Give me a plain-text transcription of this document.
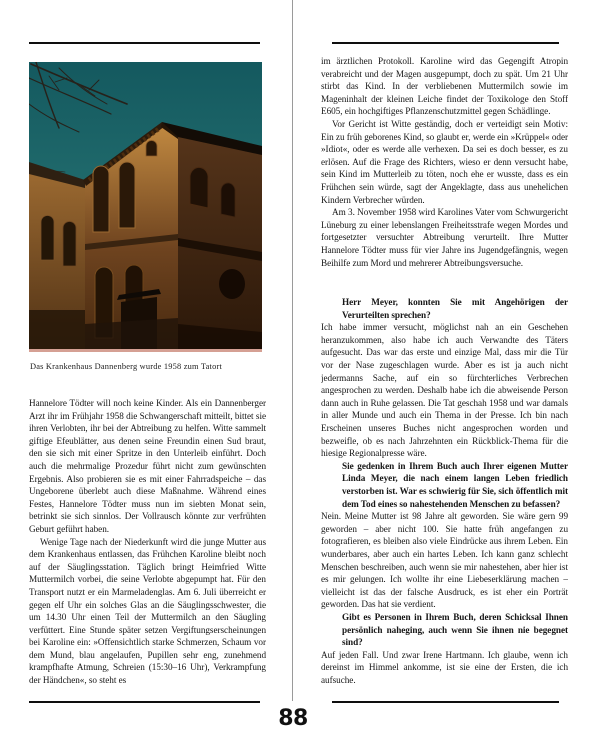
Das Krankenhaus Dannenberg wurde 1958 zum Tatort

Hannelore Tödter will noch keine Kinder. Als ein Dannenberger Arzt ihr im Frühjahr 1958 die Schwangerschaft mitteilt, bittet sie ihren Verlobten, ihr bei der Abtreibung zu helfen. Witte sammelt giftige Efeublätter, aus denen seine Freundin einen Sud braut, den sie sich mit einer Spritze in den Unterleib einführt. Doch auch die mehrmalige Prozedur führt nicht zum gewünschten Ergebnis. Also probieren sie es mit einer Fahrradspeiche – das Ungeborene überlebt auch diese Maßnahme. Während eines Festes, Hannelore Tödter muss nun im siebten Monat sein, betrinkt sie sich sinnlos. Der Vollrausch könnte zur verfrühten Geburt geführt haben.

Wenige Tage nach der Niederkunft wird die junge Mutter aus dem Krankenhaus entlassen, das Frühchen Karoline bleibt noch auf der Säuglingsstation. Täglich bringt Heimfried Witte Muttermilch vorbei, die seine Verlobte abgepumpt hat. Für den Transport nutzt er ein Marmeladenglas. Am 6. Juli überreicht er gegen elf Uhr ein solches Glas an die Säuglingsschwester, die um 14.30 Uhr einen Teil der Muttermilch an den Säugling verfüttert. Eine Stunde später setzen Vergiftungserscheinungen bei Karoline ein: »Offensichtlich starke Schmerzen, Schaum vor dem Mund, blau angelaufen, Pupillen sehr eng, zunehmend krampfhafte Atmung, Schreien (15:30–16 Uhr), Verkrampfung der Händchen«, so steht es

im ärztlichen Protokoll. Karoline wird das Gegengift Atropin verabreicht und der Magen ausgepumpt, doch zu spät. Um 21 Uhr stirbt das Kind. In der verbliebenen Muttermilch sowie im Mageninhalt der kleinen Leiche findet der Toxikologe den Stoff E605, ein hochgiftiges Pflanzenschutzmittel gegen Schädlinge.

Vor Gericht ist Witte geständig, doch er verteidigt sein Motiv: Ein zu früh geborenes Kind, so glaubt er, werde ein »Krüppel« oder »Idiot«, oder es werde alle verhexen. Da sei es doch besser, es zu erlösen. Auf die Frage des Richters, wieso er denn versucht habe, sein Kind im Mutterleib zu töten, noch ehe er wusste, dass es ein Frühchen sein würde, sagt der Angeklagte, dass aus unehelichen Kindern Verbrecher würden.

Am 3. November 1958 wird Karolines Vater vom Schwurgericht Lüneburg zu einer lebenslangen Freiheitsstrafe wegen Mordes und fortgesetzter versuchter Abtreibung verurteilt. Ihre Mutter Hannelore Tödter muss für vier Jahre ins Jugendgefängnis, wegen Beihilfe zum Mord und mehrerer Abtreibungsversuche.

Herr Meyer, konnten Sie mit Angehörigen der Verurteilten sprechen?

Ich habe immer versucht, möglichst nah an ein Geschehen heranzukommen, also habe ich auch Verwandte des Täters aufgesucht. Das war das erste und einzige Mal, dass mir die Tür vor der Nase zugeschlagen wurde. Aber es ist ja auch nicht jedermanns Sache, auf ein so fürchterliches Verbrechen angesprochen zu werden. Deshalb habe ich die abweisende Person dann auch in Ruhe gelassen. Die Tat geschah 1958 und war damals in aller Munde und auch ein Thema in der Presse. Ich bin nach Erscheinen unseres Buches nicht angesprochen worden und bezweifle, ob es nach Jahrzehnten ein Rückblick-Thema für die hiesige Regionalpresse wäre.

Sie gedenken in Ihrem Buch auch Ihrer eigenen Mutter Linda Meyer, die nach einem langen Leben friedlich verstorben ist. War es schwierig für Sie, sich öffentlich mit dem Tod eines so nahestehenden Menschen zu befassen?

Nein. Meine Mutter ist 98 Jahre alt geworden. Sie wäre gern 99 geworden – aber nicht 100. Sie hatte früh angefangen zu fotografieren, es bleiben also viele Eindrücke aus ihrem Leben. Ein wunderbares, aber auch ein hartes Leben. Ich kann ganz schlecht Menschen beschreiben, auch wenn sie mir nahestehen, aber hier ist es mir gelungen. Ich wollte ihr eine Liebeserklärung machen – vielleicht ist das der falsche Ausdruck, es ist eher ein Porträt geworden. Das hat sie verdient.

Gibt es Personen in Ihrem Buch, deren Schicksal Ihnen persönlich naheging, auch wenn Sie ihnen nie begegnet sind?

Auf jeden Fall. Und zwar Irene Hartmann. Ich glaube, wenn ich dereinst im Himmel ankomme, ist sie eine der Ersten, die ich aufsuche.

88
